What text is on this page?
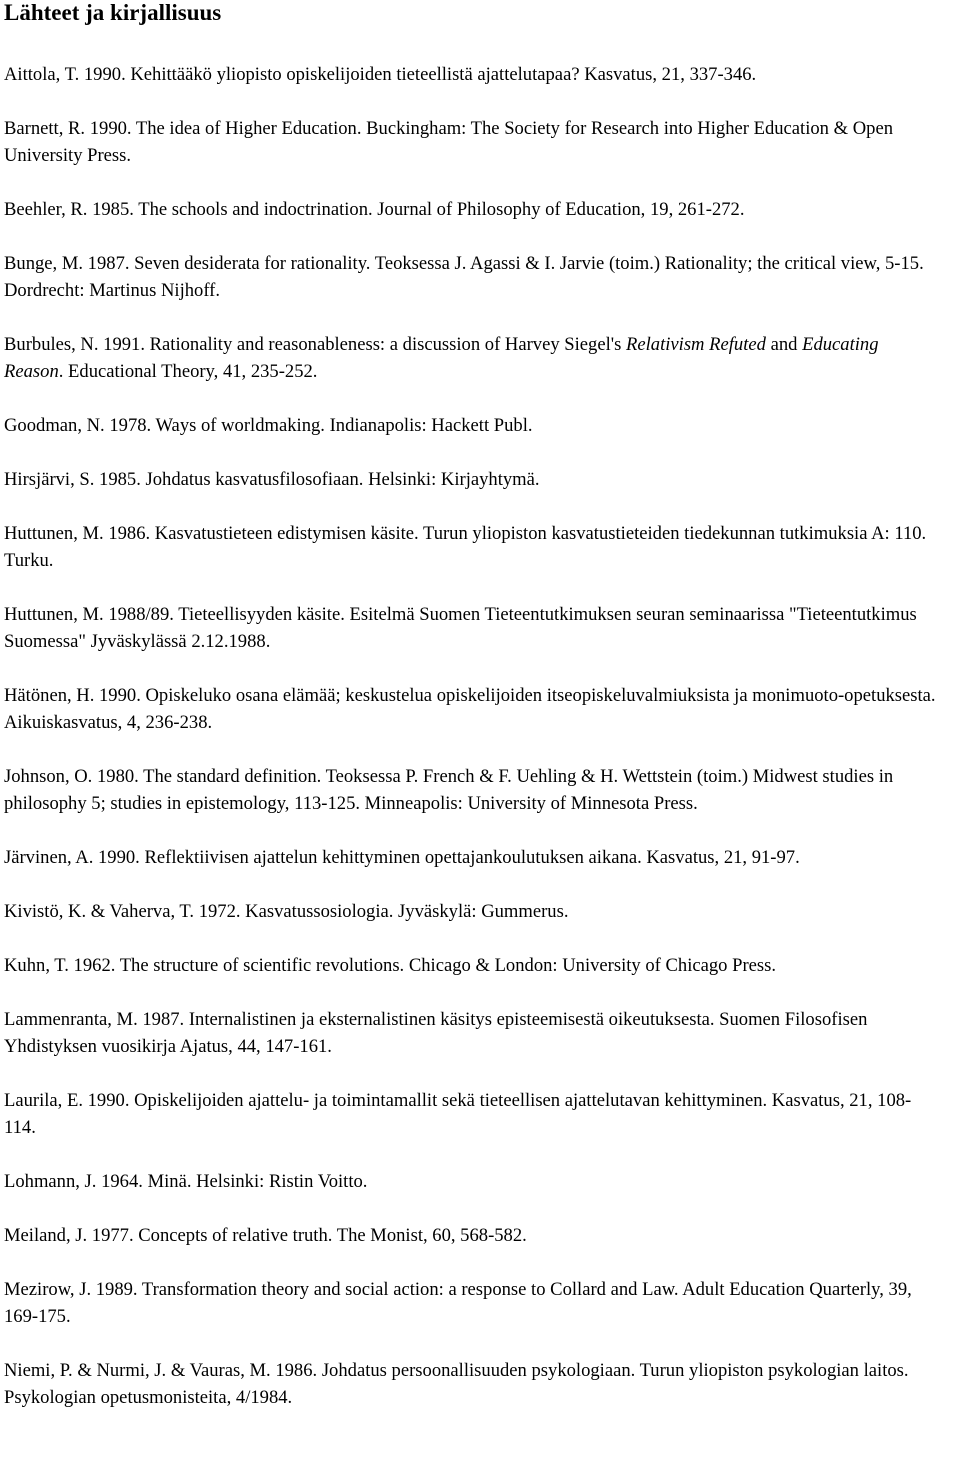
Lähteet ja kirjallisuus
Aittola, T. 1990. Kehittääkö yliopisto opiskelijoiden tieteellistä ajattelutapaa? Kasvatus, 21, 337-346.
Barnett, R. 1990. The idea of Higher Education. Buckingham: The Society for Research into Higher Education & Open University Press.
Beehler, R. 1985. The schools and indoctrination. Journal of Philosophy of Education, 19, 261-272.
Bunge, M. 1987. Seven desiderata for rationality. Teoksessa J. Agassi & I. Jarvie (toim.) Rationality; the critical view, 5-15. Dordrecht: Martinus Nijhoff.
Burbules, N. 1991. Rationality and reasonableness: a discussion of Harvey Siegel's Relativism Refuted and Educating Reason. Educational Theory, 41, 235-252.
Goodman, N. 1978. Ways of worldmaking. Indianapolis: Hackett Publ.
Hirsjärvi, S. 1985. Johdatus kasvatusfilosofiaan. Helsinki: Kirjayhtymä.
Huttunen, M. 1986. Kasvatustieteen edistymisen käsite. Turun yliopiston kasvatustieteiden tiedekunnan tutkimuksia A: 110. Turku.
Huttunen, M. 1988/89. Tieteellisyyden käsite. Esitelmä Suomen Tieteentutkimuksen seuran seminaarissa "Tieteentutkimus Suomessa" Jyväskylässä 2.12.1988.
Hätönen, H. 1990. Opiskeluko osana elämää; keskustelua opiskelijoiden itseopiskeluvalmiuksista ja monimuoto-opetuksesta. Aikuiskasvatus, 4, 236-238.
Johnson, O. 1980. The standard definition. Teoksessa P. French & F. Uehling & H. Wettstein (toim.) Midwest studies in philosophy 5; studies in epistemology, 113-125. Minneapolis: University of Minnesota Press.
Järvinen, A. 1990. Reflektiivisen ajattelun kehittyminen opettajankoulutuksen aikana. Kasvatus, 21, 91-97.
Kivistö, K. & Vaherva, T. 1972. Kasvatussosiologia. Jyväskylä: Gummerus.
Kuhn, T. 1962. The structure of scientific revolutions. Chicago & London: University of Chicago Press.
Lammenranta, M. 1987. Internalistinen ja eksternalistinen käsitys episteemisestä oikeutuksesta. Suomen Filosofisen Yhdistyksen vuosikirja Ajatus, 44, 147-161.
Laurila, E. 1990. Opiskelijoiden ajattelu- ja toimintamallit sekä tieteellisen ajattelutavan kehittyminen. Kasvatus, 21, 108-114.
Lohmann, J. 1964. Minä. Helsinki: Ristin Voitto.
Meiland, J. 1977. Concepts of relative truth. The Monist, 60, 568-582.
Mezirow, J. 1989. Transformation theory and social action: a response to Collard and Law. Adult Education Quarterly, 39, 169-175.
Niemi, P. & Nurmi, J. & Vauras, M. 1986. Johdatus persoonallisuuden psykologiaan. Turun yliopiston psykologian laitos. Psykologian opetusmonisteita, 4/1984.
